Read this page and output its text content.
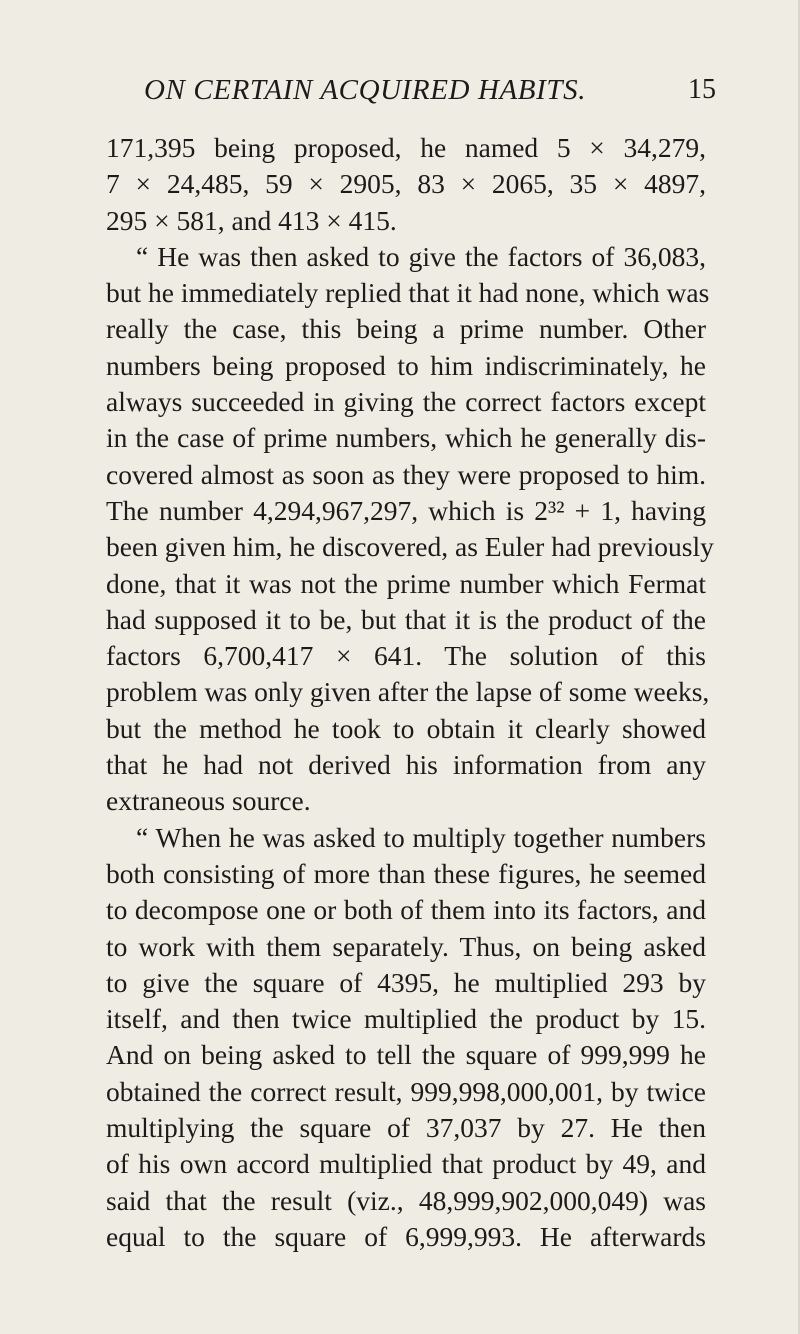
ON CERTAIN ACQUIRED HABITS.	15
171,395 being proposed, he named 5 × 34,279,
7 × 24,485, 59 × 2905, 83 × 2065, 35 × 4897,
295 × 581, and 413 × 415.
“ He was then asked to give the factors of 36,083,
but he immediately replied that it had none, which was
really the case, this being a prime number. Other
numbers being proposed to him indiscriminately, he
always succeeded in giving the correct factors except
in the case of prime numbers, which he generally dis-
covered almost as soon as they were proposed to him.
The number 4,294,967,297, which is 2³² + 1, having
been given him, he discovered, as Euler had previously
done, that it was not the prime number which Fermat
had supposed it to be, but that it is the product of the
factors 6,700,417 × 641. The solution of this
problem was only given after the lapse of some weeks,
but the method he took to obtain it clearly showed
that he had not derived his information from any
extraneous source.
“ When he was asked to multiply together numbers
both consisting of more than these figures, he seemed
to decompose one or both of them into its factors, and
to work with them separately. Thus, on being asked
to give the square of 4395, he multiplied 293 by
itself, and then twice multiplied the product by 15.
And on being asked to tell the square of 999,999 he
obtained the correct result, 999,998,000,001, by twice
multiplying the square of 37,037 by 27. He then
of his own accord multiplied that product by 49, and
said that the result (viz., 48,999,902,000,049) was
equal to the square of 6,999,993. He afterwards
